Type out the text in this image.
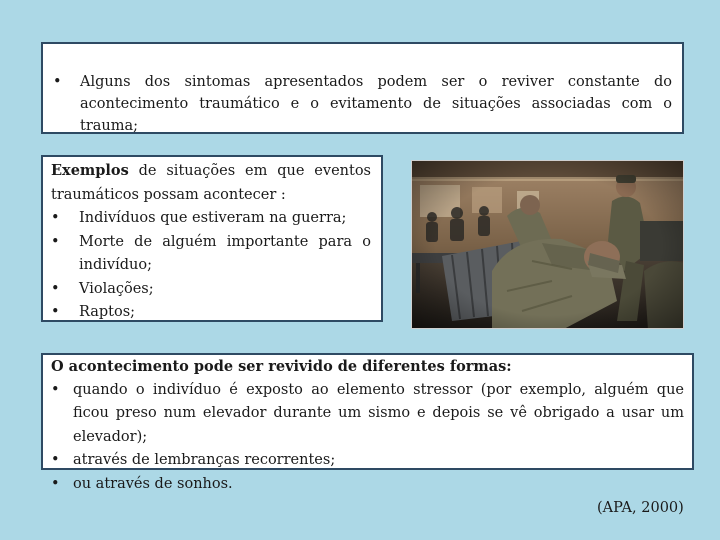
•	Alguns dos sintomas apresentados podem ser o reviver constante do acontecimento traumático e o evitamento de situações associadas com o trauma;
Exemplos de situações em que eventos traumáticos possam acontecer :
•	Indivíduos que estiveram na guerra;
•	Morte de alguém importante para o indivíduo;
•	Violações;
•	Raptos;
O acontecimento pode ser revivido de diferentes formas:
• quando o indivíduo é exposto ao elemento stressor (por exemplo, alguém que ficou preso num elevador durante um sismo e depois se vê obrigado a usar um elevador);
• através de lembranças recorrentes;
• ou através de sonhos.
(APA, 2000)
